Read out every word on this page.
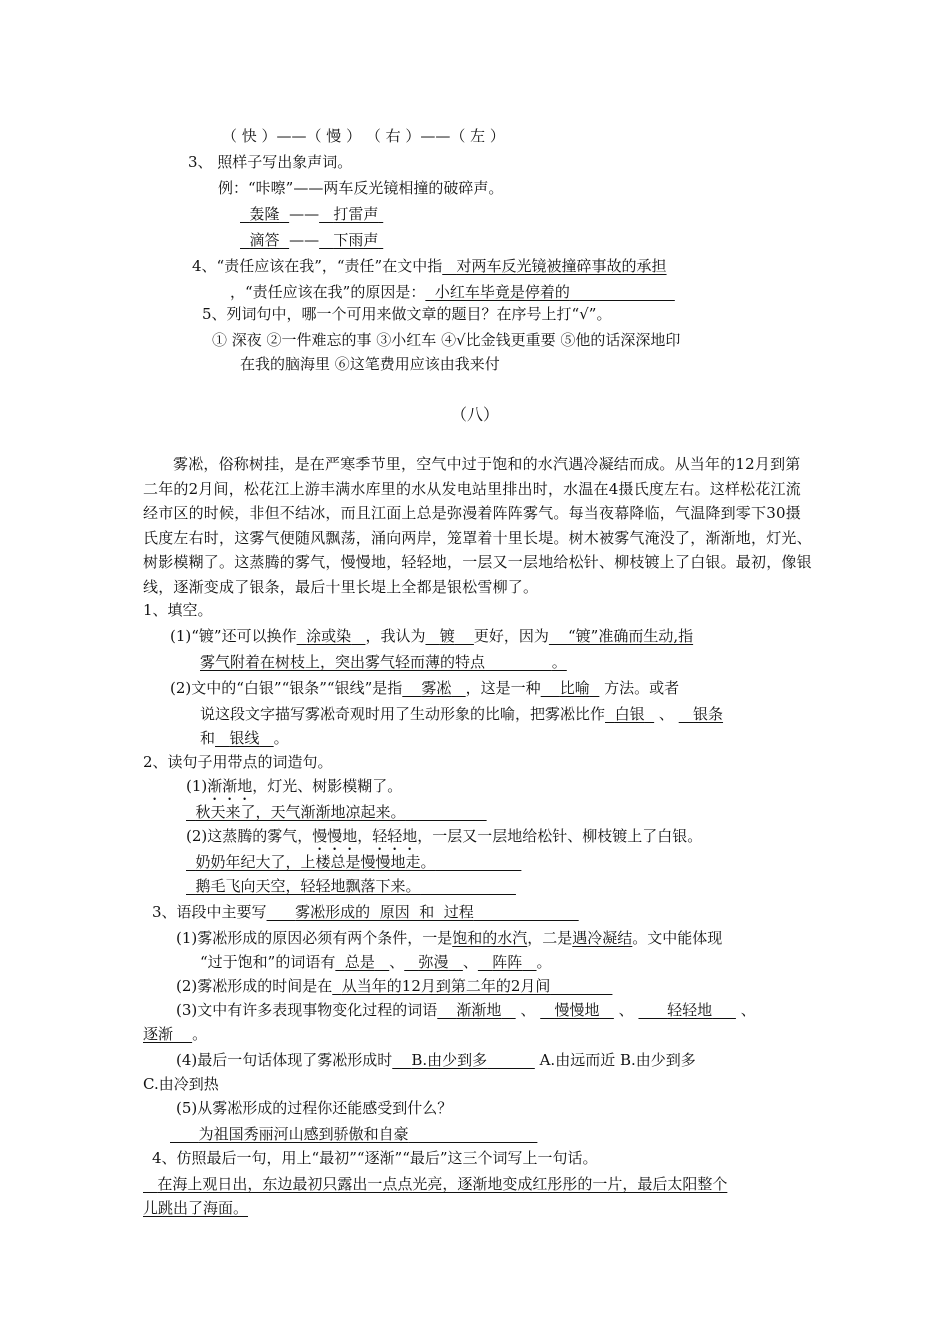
（ 快 ）——（ 慢 ） （ 右 ）——（ 左 ）
3、 照样子写出象声词。
例：“咔嚓”——两车反光镜相撞的破碎声。
轰隆 —— 打雷声
滴答 —— 下雨声
4、“责任应该在我”，“责任”在文中指 对两车反光镜被撞碎事故的承担
，“责任应该在我”的原因是： 小红车毕竟是停着的
5、列词句中，哪一个可用来做文章的题目？在序号上打“√”。
① 深夜 ②一件难忘的事 ③小红车 ④√比金钱更重要 ⑤他的话深深地印
在我的脑海里 ⑥这笔费用应该由我来付
（八）
雾凇，俗称树挂，是在严寒季节里，空气中过于饱和的水汽遇冷凝结而成。从当年的12月到第二年的2月间，松花江上游丰满水库里的水从发电站里排出时，水温在4摄氏度左右。这样松花江流经市区的时候，非但不结冰，而且江面上总是弥漫着阵阵雾气。每当夜幕降临，气温降到零下30摄氏度左右时，这雾气便随风飘荡，涌向两岸，笼罩着十里长堤。树木被雾气淹没了，渐渐地，灯光、树影模糊了。这蒸腾的雾气，慢慢地，轻轻地，一层又一层地给松针、柳枝镀上了白银。最初，像银线，逐渐变成了银条，最后十里长堤上全都是银松雪柳了。
1、填空。
(1)“镀”还可以换作 涂或染 ，我认为 镀 更好，因为 “镀”准确而生动,指
雾气附着在树枝上，突出雾气轻而薄的特点	。
(2)文中的“白银”“银条”“银线”是指 雾凇 ，这是一种 比喻 方法。或者
说这段文字描写雾凇奇观时用了生动形象的比喻，把雾凇比作 白银 、 银条
和 银线 。
2、读句子用带点的词造句。
(1)渐渐地，灯光、树影模糊了。
秋天来了，天气渐渐地凉起来。
(2)这蒸腾的雾气，慢慢地，轻轻地，一层又一层地给松针、柳枝镀上了白银。
奶奶年纪大了，上楼总是慢慢地走。
鹅毛飞向天空，轻轻地飘落下来。
3、语段中主要写 雾凇形成的  原因  和  过程
(1)雾凇形成的原因必须有两个条件，一是饱和的水汽，二是遇冷凝结。文中能体现
“过于饱和”的词语有 总是 、 弥漫 、 阵阵 。
(2)雾凇形成的时间是在 从当年的12月到第二年的2月间
(3)文中有许多表现事物变化过程的词语 渐渐地 、 慢慢地 、 轻轻地 、
逐渐 。
(4)最后一句话体现了雾凇形成时 B.由少到多	A.由远而近 B.由少到多
C.由冷到热
(5)从雾凇形成的过程你还能感受到什么？
为祖国秀丽河山感到骄傲和自豪
4、仿照最后一句，用上“最初”“逐渐”“最后”这三个词写上一句话。
在海上观日出，东边最初只露出一点点光亮，逐渐地变成红彤彤的一片，最后太阳整个
儿跳出了海面。
